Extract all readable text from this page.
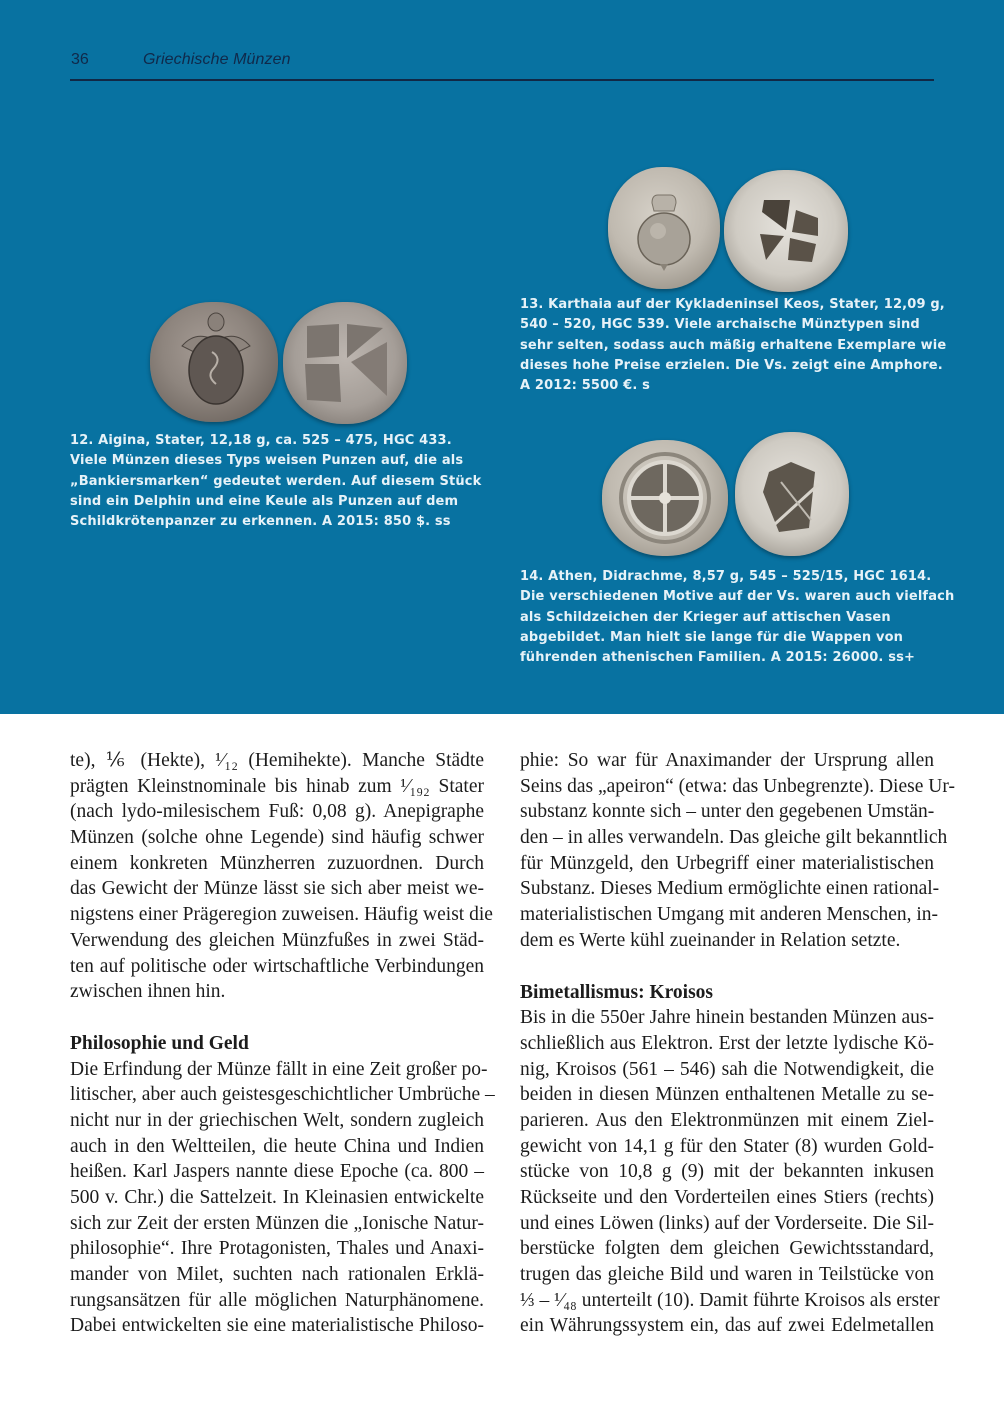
36	Griechische Münzen
12. Aigina, Stater, 12,18 g, ca. 525 – 475, HGC 433.
Viele Münzen dieses Typs weisen Punzen auf, die als
„Bankiersmarken“ gedeutet werden. Auf diesem Stück
sind ein Delphin und eine Keule als Punzen auf dem
Schildkrötenpanzer zu erkennen. A 2015: 850 $. ss
13. Karthaia auf der Kykladeninsel Keos, Stater, 12,09 g,
540 – 520, HGC 539. Viele archaische Münztypen sind
sehr selten, sodass auch mäßig erhaltene Exemplare wie
dieses hohe Preise erzielen. Die Vs. zeigt eine Amphore.
A 2012: 5500 €. s
14. Athen, Didrachme, 8,57 g, 545 – 525/15, HGC 1614.
Die verschiedenen Motive auf der Vs. waren auch vielfach
als Schildzeichen der Krieger auf attischen Vasen
abgebildet. Man hielt sie lange für die Wappen von
führenden athenischen Familien. A 2015: 26000. ss+
te), ⅙ (Hekte), ¹⁄₁₂ (Hemihekte). Manche Städte
prägten Kleinstnominale bis hinab zum ¹⁄₁₉₂ Stater
(nach lydo-milesischem Fuß: 0,08 g). Anepigraphe
Münzen (solche ohne Legende) sind häufig schwer
einem konkreten Münzherren zuzuordnen. Durch
das Gewicht der Münze lässt sie sich aber meist we-
nigstens einer Prägeregion zuweisen. Häufig weist die
Verwendung des gleichen Münzfußes in zwei Städ-
ten auf politische oder wirtschaftliche Verbindungen
zwischen ihnen hin.
Philosophie und Geld
Die Erfindung der Münze fällt in eine Zeit großer po-
litischer, aber auch geistesgeschichtlicher Umbrüche –
nicht nur in der griechischen Welt, sondern zugleich
auch in den Weltteilen, die heute China und Indien
heißen. Karl Jaspers nannte diese Epoche (ca. 800 –
500 v. Chr.) die Sattelzeit. In Kleinasien entwickelte
sich zur Zeit der ersten Münzen die „Ionische Natur-
philosophie“. Ihre Protagonisten, Thales und Anaxi-
mander von Milet, suchten nach rationalen Erklä-
rungsansätzen für alle möglichen Naturphänomene.
Dabei entwickelten sie eine materialistische Philoso-
phie: So war für Anaximander der Ursprung allen
Seins das „apeiron“ (etwa: das Unbegrenzte). Diese Ur-
substanz konnte sich – unter den gegebenen Umstän-
den – in alles verwandeln. Das gleiche gilt bekanntlich
für Münzgeld, den Urbegriff einer materialistischen
Substanz. Dieses Medium ermöglichte einen rational-
materialistischen Umgang mit anderen Menschen, in-
dem es Werte kühl zueinander in Relation setzte.
Bimetallismus: Kroisos
Bis in die 550er Jahre hinein bestanden Münzen aus-
schließlich aus Elektron. Erst der letzte lydische Kö-
nig, Kroisos (561 – 546) sah die Notwendigkeit, die
beiden in diesen Münzen enthaltenen Metalle zu se-
parieren. Aus den Elektronmünzen mit einem Ziel-
gewicht von 14,1 g für den Stater (8) wurden Gold-
stücke von 10,8 g (9) mit der bekannten inkusen
Rückseite und den Vorderteilen eines Stiers (rechts)
und eines Löwen (links) auf der Vorderseite. Die Sil-
berstücke folgten dem gleichen Gewichtsstandard,
trugen das gleiche Bild und waren in Teilstücke von
⅓ – ¹⁄₄₈ unterteilt (10). Damit führte Kroisos als erster
ein Währungssystem ein, das auf zwei Edelmetallen
